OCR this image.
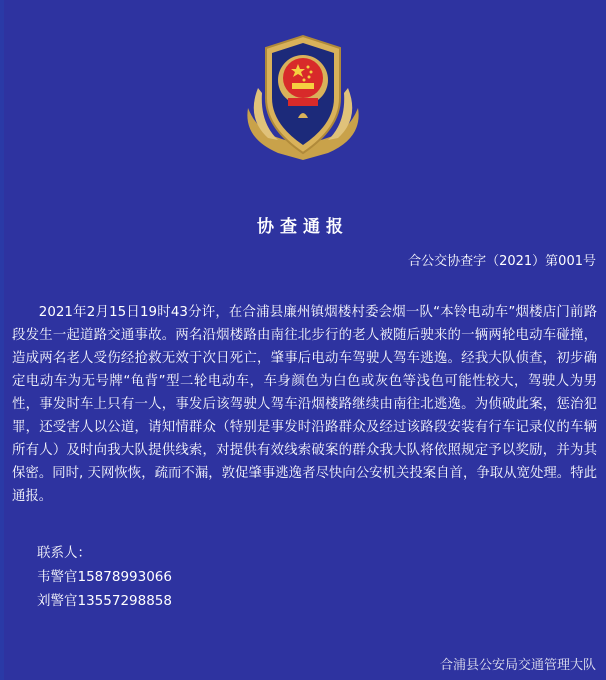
协查通报
合公交协查字（2021）第001号
2021年2月15日19时43分许，在合浦县廉州镇烟楼村委会烟一队“本铃电动车”烟楼店门前路段发生一起道路交通事故。两名沿烟楼路由南往北步行的老人被随后驶来的一辆两轮电动车碰撞，造成两名老人受伤经抢救无效于次日死亡，肇事后电动车驾驶人驾车逃逸。经我大队侦查，初步确定电动车为无号牌“龟背”型二轮电动车，车身颜色为白色或灰色等浅色可能性较大，驾驶人为男性，事发时车上只有一人，事发后该驾驶人驾车沿烟楼路继续由南往北逃逸。为侦破此案，惩治犯罪，还受害人以公道，请知情群众（特别是事发时沿路群众及经过该路段安装有行车记录仪的车辆所有人）及时向我大队提供线索，对提供有效线索破案的群众我大队将依照规定予以奖励，并为其保密。同时, 天网恢恢，疏而不漏，敦促肇事逃逸者尽快向公安机关投案自首，争取从宽处理。特此通报。
联系人：
韦警官15878993066
刘警官13557298858
合浦县公安局交通管理大队
